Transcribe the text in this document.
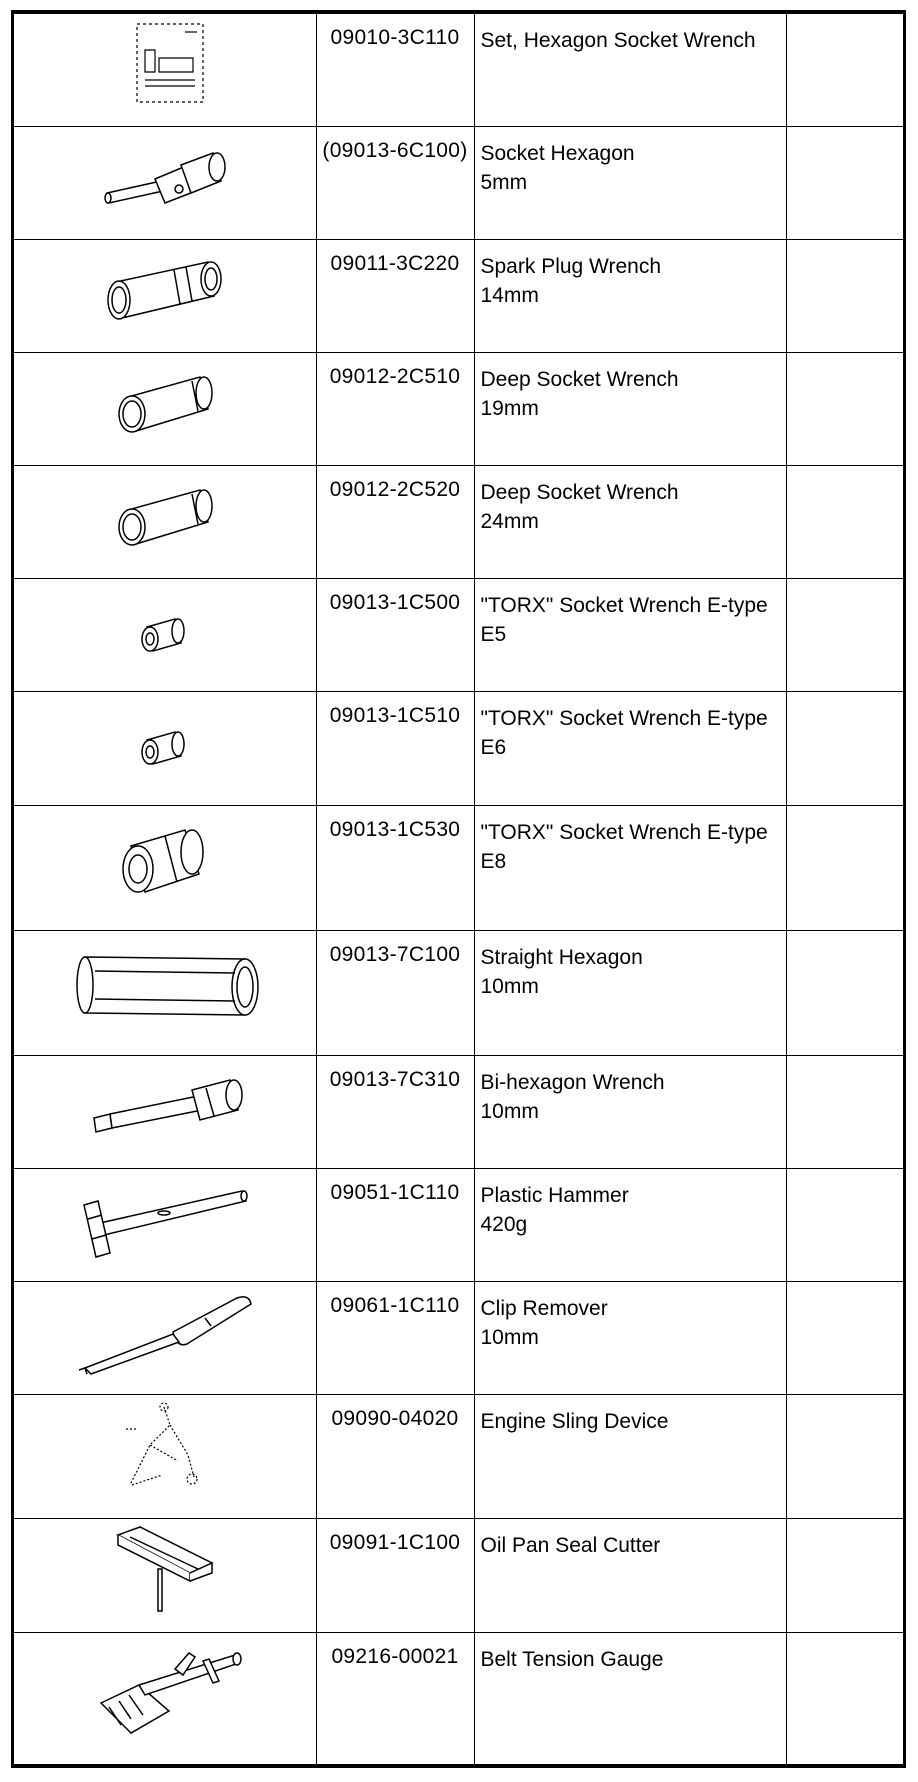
	09010-3C110	Set, Hexagon Socket Wrench	

	(09013-6C100)	Socket Hexagon
5mm	

	09011-3C220	Spark Plug Wrench
14mm	

	09012-2C510	Deep Socket Wrench
19mm	

	09012-2C520	Deep Socket Wrench
24mm	

	09013-1C500	"TORX" Socket Wrench E-type
E5	

	09013-1C510	"TORX" Socket Wrench E-type
E6	

	09013-1C530	"TORX" Socket Wrench E-type
E8	

	09013-7C100	Straight Hexagon
10mm	

	09013-7C310	Bi-hexagon Wrench
10mm	

	09051-1C110	Plastic Hammer
420g	

	09061-1C110	Clip Remover
10mm	

	09090-04020	Engine Sling Device	

	09091-1C100	Oil Pan Seal Cutter	

	09216-00021	Belt Tension Gauge	
